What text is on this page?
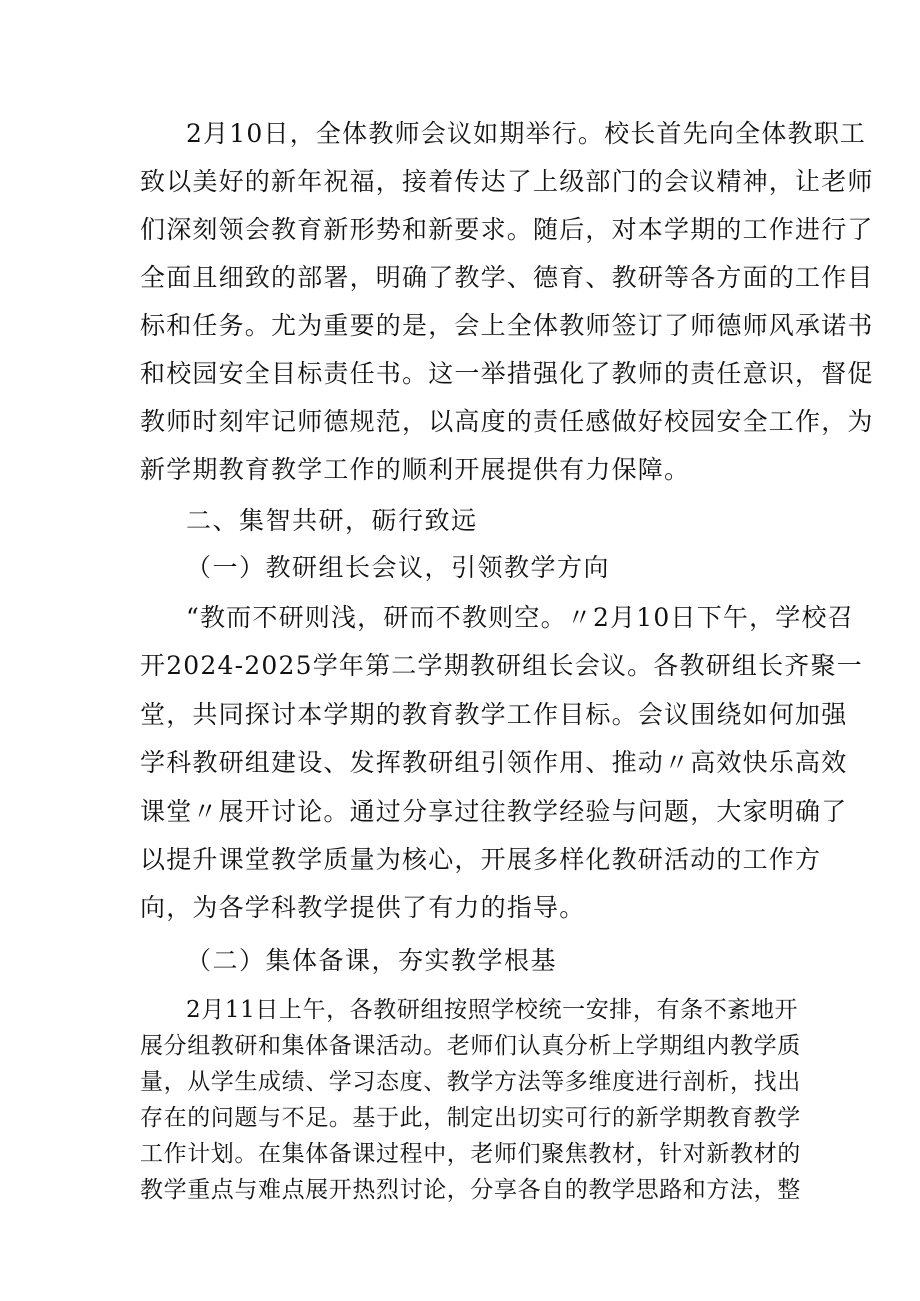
2月10日，全体教师会议如期举行。校长首先向全体教职工
致以美好的新年祝福，接着传达了上级部门的会议精神，让老师
们深刻领会教育新形势和新要求。随后，对本学期的工作进行了
全面且细致的部署，明确了教学、德育、教研等各方面的工作目
标和任务。尤为重要的是，会上全体教师签订了师德师风承诺书
和校园安全目标责任书。这一举措强化了教师的责任意识，督促
教师时刻牢记师德规范，以高度的责任感做好校园安全工作，为
新学期教育教学工作的顺利开展提供有力保障。
二、集智共研，砺行致远
（一）教研组长会议，引领教学方向
“教而不研则浅，研而不教则空。〃2月10日下午，学校召
开2024-2025学年第二学期教研组长会议。各教研组长齐聚一
堂，共同探讨本学期的教育教学工作目标。会议围绕如何加强
学科教研组建设、发挥教研组引领作用、推动〃高效快乐高效
课堂〃展开讨论。通过分享过往教学经验与问题，大家明确了
以提升课堂教学质量为核心，开展多样化教研活动的工作方
向，为各学科教学提供了有力的指导。
（二）集体备课，夯实教学根基
2月11日上午，各教研组按照学校统一安排，有条不紊地开
展分组教研和集体备课活动。老师们认真分析上学期组内教学质
量，从学生成绩、学习态度、教学方法等多维度进行剖析，找出
存在的问题与不足。基于此，制定出切实可行的新学期教育教学
工作计划。在集体备课过程中，老师们聚焦教材，针对新教材的
教学重点与难点展开热烈讨论，分享各自的教学思路和方法，整
